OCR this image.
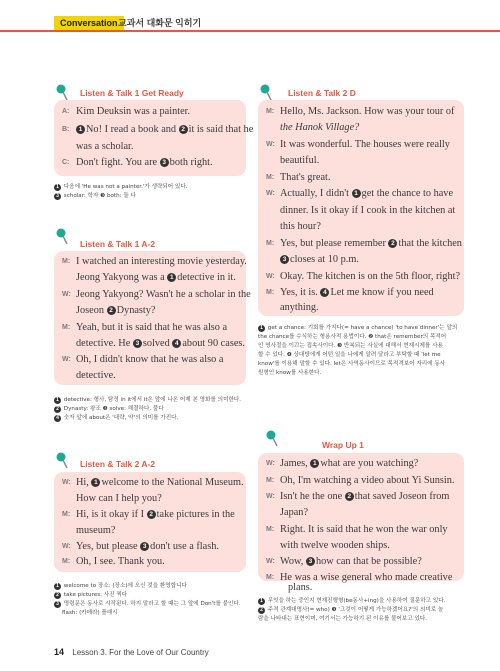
Conversation 교과서 대화문 익히기
Listen & Talk 1 Get Ready
A: Kim Deuksin was a painter.
B: 1 No! I read a book and 2 it is said that he
was a scholar.
C: Don't fight. You are 3 both right.
1 다음에 'He was not a painter.'가 생략되어 있다.
3 scholar: 학자 ❸ both: 둘 다
Listen & Talk 1 A-2
M: I watched an interesting movie yesterday.
Jeong Yakyong was a 1 detective in it.
W: Jeong Yakyong? Wasn't he a scholar in the
Joseon 2 Dynasty?
M: Yeah, but it is said that he was also a
detective. He 3 solved 4 about 90 cases.
W: Oh, I didn't know that he was also a
detective.
1 detective: 형사, 탐정 in it에서 it은 앞에 나온 어제 본 영화를 의미한다.
2 Dynasty: 왕조 ❸ solve: 해결하다, 풀다
4 숫자 앞에 about은 '대략, 약'의 의미를 가진다.
Listen & Talk 2 A-2
W: Hi, 1 welcome to the National Museum.
How can I help you?
M: Hi, is it okay if I 2 take pictures in the
museum?
W: Yes, but please 3 don't use a flash.
M: Oh, I see. Thank you.
1 welcome to 장소: (장소)에 오신 것을 환영합니다
2 take pictures: 사진 찍다
3 명령문은 동사로 시작된다. 하지 말라고 할 때는 그 앞에 Don't를 붙인다.
flash: (카메라) 플래시
Listen & Talk 2 D
M: Hello, Ms. Jackson. How was your tour of
the Hanok Village?
W: It was wonderful. The houses were really
beautiful.
M: That's great.
W: Actually, I didn't 1 get the chance to have
dinner. Is it okay if I cook in the kitchen at
this hour?
M: Yes, but please remember 2 that the kitchen
3 closes at 10 p.m.
W: Okay. The kitchen is on the 5th floor, right?
M: Yes, it is. 4 Let me know if you need
anything.
1 get a chance: 기회를 가지다(= have a chance) 'to have dinner'는 앞의
the chance를 수식하는 형용사적 용법이다. ❷ that은 remember의 목적어
인 명사절을 이끄는 접속사이다. ❸ 반복되는 사실에 대해서 현재시제를 사용
할 수 있다. ❹ 상대방에게 어떤 일을 나에게 알려 달라고 부탁할 때 'let me
know'를 이용해 말할 수 있다. let은 사역동사이므로 목적격보어 자리에 동사
원형인 know를 사용한다.
Wrap Up 1
W: James, 1 what are you watching?
M: Oh, I'm watching a video about Yi Sunsin.
W: Isn't he the one 2 that saved Joseon from
Japan?
M: Right. It is said that he won the war only
with twelve wooden ships.
W: Wow, 3 how can that be possible?
M: He was a wise general who made creative
plans.
1 무엇을 하는 중인지 현재진행형(be동사+ing)을 사용하여 질문하고 있다.
2 주격 관계대명사(= who) ❸ '그것이 어떻게 가능하겠어요?'의 의미로 놀
람을 나타내는 표현이며, 여기서는 가능하기 된 이유를 물어보고 있다.
14 Lesson 3. For the Love of Our Country
